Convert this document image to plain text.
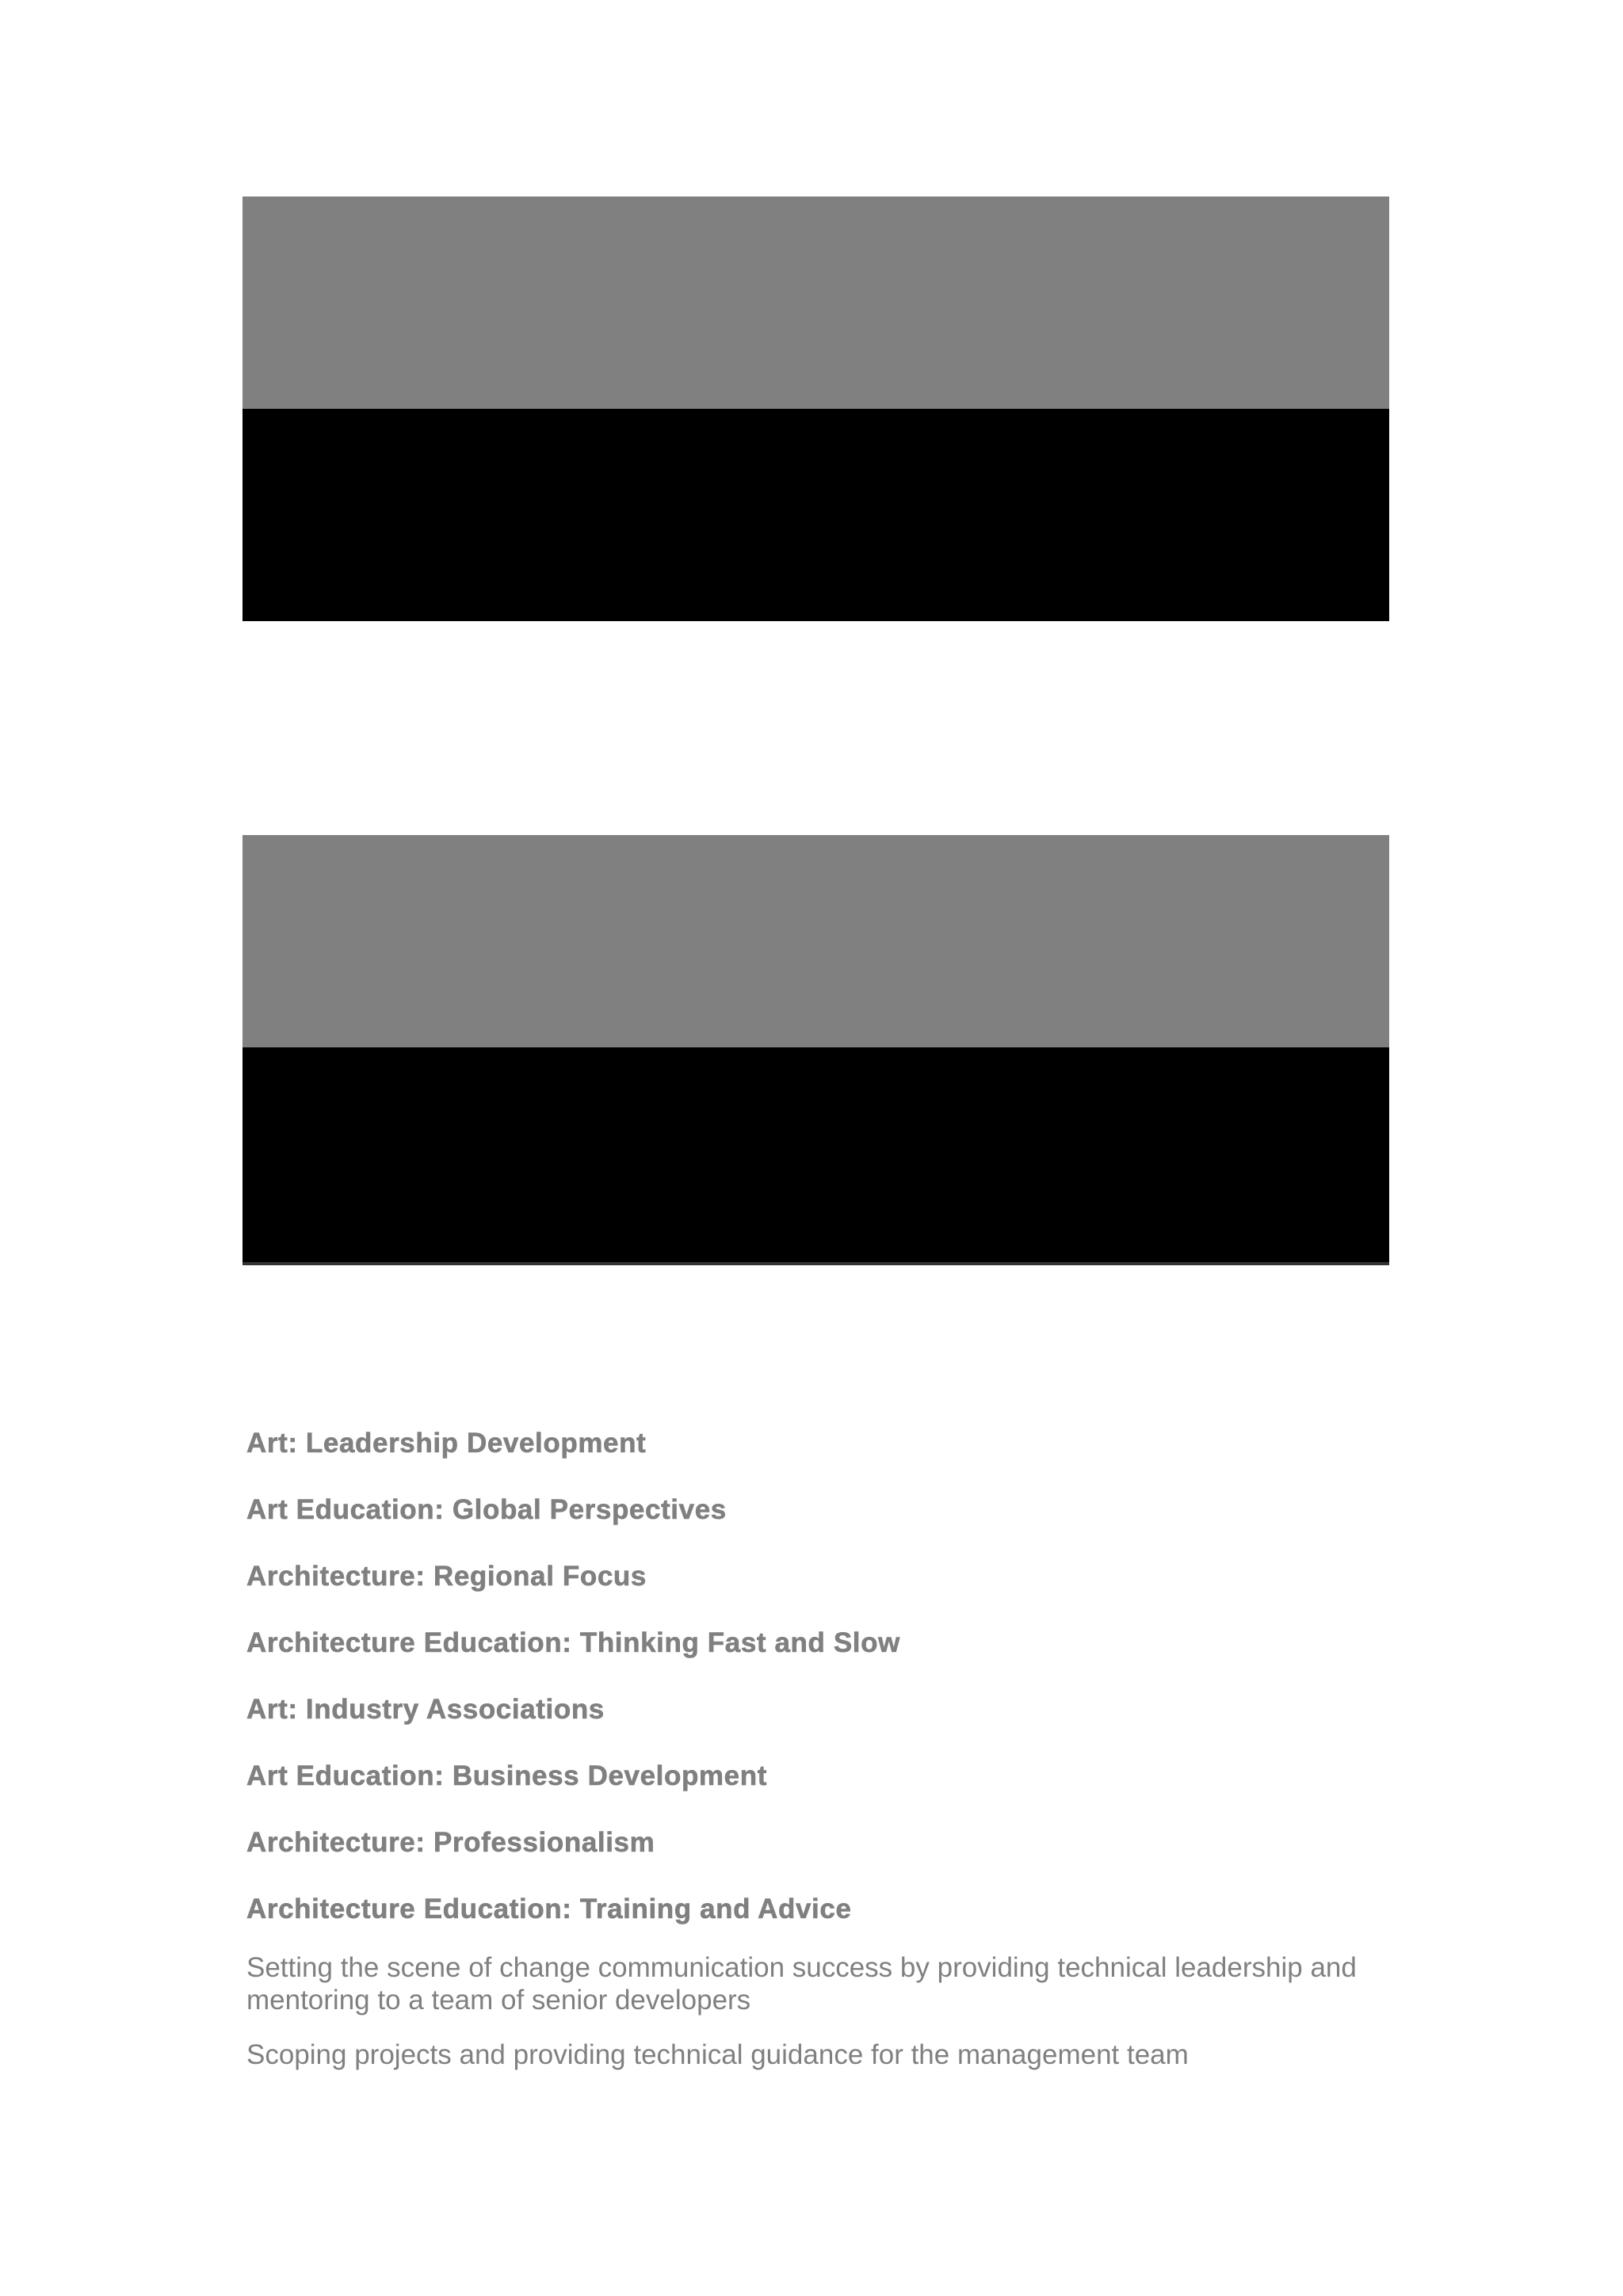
Art: Leadership Development
Art Education: Global Perspectives
Architecture: Regional Focus
Architecture Education: Thinking Fast and Slow
Art: Industry Associations
Art Education: Business Development
Architecture: Professionalism
Architecture Education: Training and Advice

Setting the scene of change communication success by providing technical leadership and mentoring to a team of senior developers

Scoping projects and providing technical guidance for the management team
